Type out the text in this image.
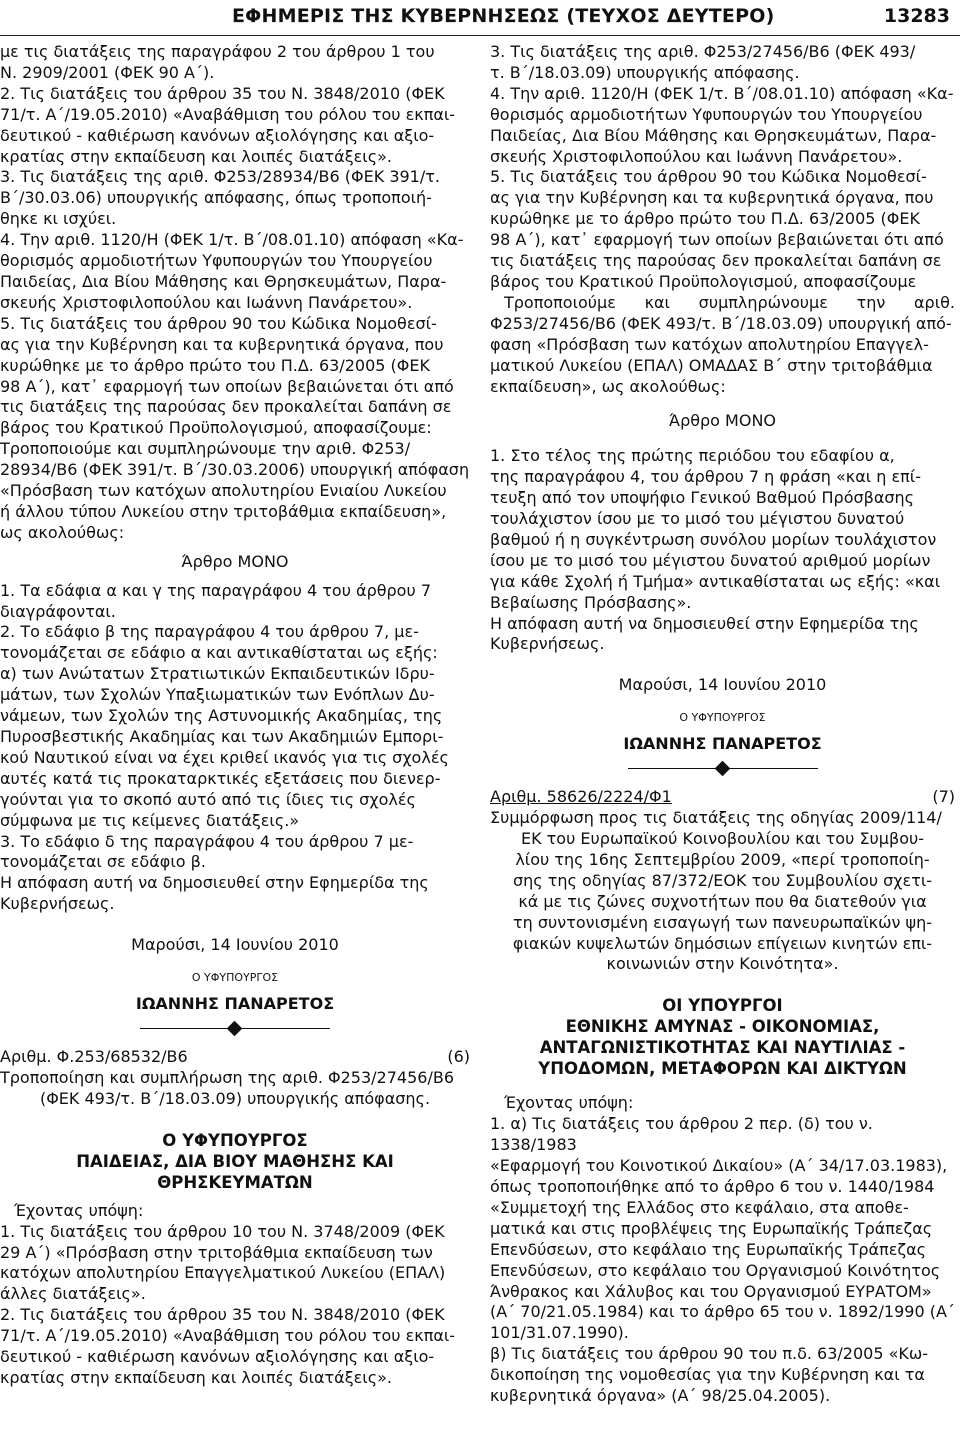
ΕΦΗΜΕΡΙΣ ΤΗΣ ΚΥΒΕΡΝΗΣΕΩΣ (ΤΕΥΧΟΣ ΔΕΥΤΕΡΟ)	13283
με τις διατάξεις της παραγράφου 2 του άρθρου 1 του
Ν. 2909/2001 (ΦΕΚ 90 Α΄).
2. Τις διατάξεις του άρθρου 35 του Ν. 3848/2010 (ΦΕΚ
71/τ. Α΄/19.05.2010) «Αναβάθμιση του ρόλου του εκπαι-
δευτικού - καθιέρωση κανόνων αξιολόγησης και αξιο-
κρατίας στην εκπαίδευση και λοιπές διατάξεις».
3. Τις διατάξεις της αριθ. Φ253/28934/Β6 (ΦΕΚ 391/τ.
Β΄/30.03.06) υπουργικής απόφασης, όπως τροποποιή-
θηκε κι ισχύει.
4. Την αριθ. 1120/Η (ΦΕΚ 1/τ. Β΄/08.01.10) απόφαση «Κα-
θορισμός αρμοδιοτήτων Υφυπουργών του Υπουργείου
Παιδείας, Δια Βίου Μάθησης και Θρησκευμάτων, Παρα-
σκευής Χριστοφιλοπούλου και Ιωάννη Πανάρετου».
5. Τις διατάξεις του άρθρου 90 του Κώδικα Νομοθεσί-
ας για την Κυβέρνηση και τα κυβερνητικά όργανα, που
κυρώθηκε με το άρθρο πρώτο του Π.Δ. 63/2005 (ΦΕΚ
98 Α΄), κατ᾽ εφαρμογή των οποίων βεβαιώνεται ότι από
τις διατάξεις της παρούσας δεν προκαλείται δαπάνη σε
βάρος του Κρατικού Προϋπολογισμού, αποφασίζουμε:
Τροποποιούμε και συμπληρώνουμε την αριθ. Φ253/
28934/Β6 (ΦΕΚ 391/τ. Β΄/30.03.2006) υπουργική απόφαση
«Πρόσβαση των κατόχων απολυτηρίου Ενιαίου Λυκείου
ή άλλου τύπου Λυκείου στην τριτοβάθμια εκπαίδευση»,
ως ακολούθως:
Άρθρο ΜΟΝΟ
1. Τα εδάφια α και γ της παραγράφου 4 του άρθρου 7
διαγράφονται.
2. Το εδάφιο β της παραγράφου 4 του άρθρου 7, με-
τονομάζεται σε εδάφιο α και αντικαθίσταται ως εξής:
α) των Ανώτατων Στρατιωτικών Εκπαιδευτικών Ιδρυ-
μάτων, των Σχολών Υπαξιωματικών των Ενόπλων Δυ-
νάμεων, των Σχολών της Αστυνομικής Ακαδημίας, της
Πυροσβεστικής Ακαδημίας και των Ακαδημιών Εμπορι-
κού Ναυτικού είναι να έχει κριθεί ικανός για τις σχολές
αυτές κατά τις προκαταρκτικές εξετάσεις που διενερ-
γούνται για το σκοπό αυτό από τις ίδιες τις σχολές
σύμφωνα με τις κείμενες διατάξεις.»
3. Το εδάφιο δ της παραγράφου 4 του άρθρου 7 με-
τονομάζεται σε εδάφιο β.
Η απόφαση αυτή να δημοσιευθεί στην Εφημερίδα της
Κυβερνήσεως.
Μαρούσι, 14 Ιουνίου 2010
Ο ΥΦΥΠΟΥΡΓΟΣ
ΙΩΑΝΝΗΣ ΠΑΝΑΡΕΤΟΣ
Αριθμ. Φ.253/68532/Β6	(6)
Τροποποίηση και συμπλήρωση της αριθ. Φ253/27456/Β6
(ΦΕΚ 493/τ. Β΄/18.03.09) υπουργικής απόφασης.
Ο ΥΦΥΠΟΥΡΓΟΣ
ΠΑΙΔΕΙΑΣ, ΔΙΑ ΒΙΟΥ ΜΑΘΗΣΗΣ ΚΑΙ
ΘΡΗΣΚΕΥΜΑΤΩΝ
Έχοντας υπόψη:
1. Τις διατάξεις του άρθρου 10 του Ν. 3748/2009 (ΦΕΚ
29 Α΄) «Πρόσβαση στην τριτοβάθμια εκπαίδευση των
κατόχων απολυτηρίου Επαγγελματικού Λυκείου (ΕΠΑΛ)
άλλες διατάξεις».
2. Τις διατάξεις του άρθρου 35 του Ν. 3848/2010 (ΦΕΚ
71/τ. Α΄/19.05.2010) «Αναβάθμιση του ρόλου του εκπαι-
δευτικού - καθιέρωση κανόνων αξιολόγησης και αξιο-
κρατίας στην εκπαίδευση και λοιπές διατάξεις».
3. Τις διατάξεις της αριθ. Φ253/27456/Β6 (ΦΕΚ 493/
τ. Β΄/18.03.09) υπουργικής απόφασης.
4. Την αριθ. 1120/Η (ΦΕΚ 1/τ. Β΄/08.01.10) απόφαση «Κα-
θορισμός αρμοδιοτήτων Υφυπουργών του Υπουργείου
Παιδείας, Δια Βίου Μάθησης και Θρησκευμάτων, Παρα-
σκευής Χριστοφιλοπούλου και Ιωάννη Πανάρετου».
5. Τις διατάξεις του άρθρου 90 του Κώδικα Νομοθεσί-
ας για την Κυβέρνηση και τα κυβερνητικά όργανα, που
κυρώθηκε με το άρθρο πρώτο του Π.Δ. 63/2005 (ΦΕΚ
98 Α΄), κατ᾽ εφαρμογή των οποίων βεβαιώνεται ότι από
τις διατάξεις της παρούσας δεν προκαλείται δαπάνη σε
βάρος του Κρατικού Προϋπολογισμού, αποφασίζουμε
Τροποποιούμε και συμπληρώνουμε την αριθ.
Φ253/27456/Β6 (ΦΕΚ 493/τ. Β΄/18.03.09) υπουργική από-
φαση «Πρόσβαση των κατόχων απολυτηρίου Επαγγελ-
ματικού Λυκείου (ΕΠΑΛ) ΟΜΑΔΑΣ Β΄ στην τριτοβάθμια
εκπαίδευση», ως ακολούθως:
Άρθρο ΜΟΝΟ
1. Στο τέλος της πρώτης περιόδου του εδαφίου α,
της παραγράφου 4, του άρθρου 7 η φράση «και η επί-
τευξη από τον υποψήφιο Γενικού Βαθμού Πρόσβασης
τουλάχιστον ίσου με το μισό του μέγιστου δυνατού
βαθμού ή η συγκέντρωση συνόλου μορίων τουλάχιστον
ίσου με το μισό του μέγιστου δυνατού αριθμού μορίων
για κάθε Σχολή ή Τμήμα» αντικαθίσταται ως εξής: «και
Βεβαίωσης Πρόσβασης».
Η απόφαση αυτή να δημοσιευθεί στην Εφημερίδα της
Κυβερνήσεως.
Μαρούσι, 14 Ιουνίου 2010
Ο ΥΦΥΠΟΥΡΓΟΣ
ΙΩΑΝΝΗΣ ΠΑΝΑΡΕΤΟΣ
Αριθμ. 58626/2224/Φ1	(7)
Συμμόρφωση προς τις διατάξεις της οδηγίας 2009/114/
ΕΚ του Ευρωπαϊκού Κοινοβουλίου και του Συμβου-
λίου της 16ης Σεπτεμβρίου 2009, «περί τροποποίη-
σης της οδηγίας 87/372/ΕΟΚ του Συμβουλίου σχετι-
κά με τις ζώνες συχνοτήτων που θα διατεθούν για
τη συντονισμένη εισαγωγή των πανευρωπαϊκών ψη-
φιακών κυψελωτών δημόσιων επίγειων κινητών επι-
κοινωνιών στην Κοινότητα».
ΟΙ ΥΠΟΥΡΓΟΙ
ΕΘΝΙΚΗΣ ΑΜΥΝΑΣ - ΟΙΚΟΝΟΜΙΑΣ,
ΑΝΤΑΓΩΝΙΣΤΙΚΟΤΗΤΑΣ ΚΑΙ ΝΑΥΤΙΛΙΑΣ -
ΥΠΟΔΟΜΩΝ, ΜΕΤΑΦΟΡΩΝ ΚΑΙ ΔΙΚΤΥΩΝ
Έχοντας υπόψη:
1. α) Τις διατάξεις του άρθρου 2 περ. (δ) του ν. 1338/1983
«Εφαρμογή του Κοινοτικού Δικαίου» (Α΄ 34/17.03.1983),
όπως τροποποιήθηκε από το άρθρο 6 του ν. 1440/1984
«Συμμετοχή της Ελλάδος στο κεφάλαιο, στα αποθε-
ματικά και στις προβλέψεις της Ευρωπαϊκής Τράπεζας
Επενδύσεων, στο κεφάλαιο της Ευρωπαϊκής Τράπεζας
Επενδύσεων, στο κεφάλαιο του Οργανισμού Κοινότητος
Άνθρακος και Χάλυβος και του Οργανισμού ΕΥΡΑΤΟΜ»
(Α΄ 70/21.05.1984) και το άρθρο 65 του ν. 1892/1990 (Α΄
101/31.07.1990).
β) Τις διατάξεις του άρθρου 90 του π.δ. 63/2005 «Κω-
δικοποίηση της νομοθεσίας για την Κυβέρνηση και τα
κυβερνητικά όργανα» (Α΄ 98/25.04.2005).
